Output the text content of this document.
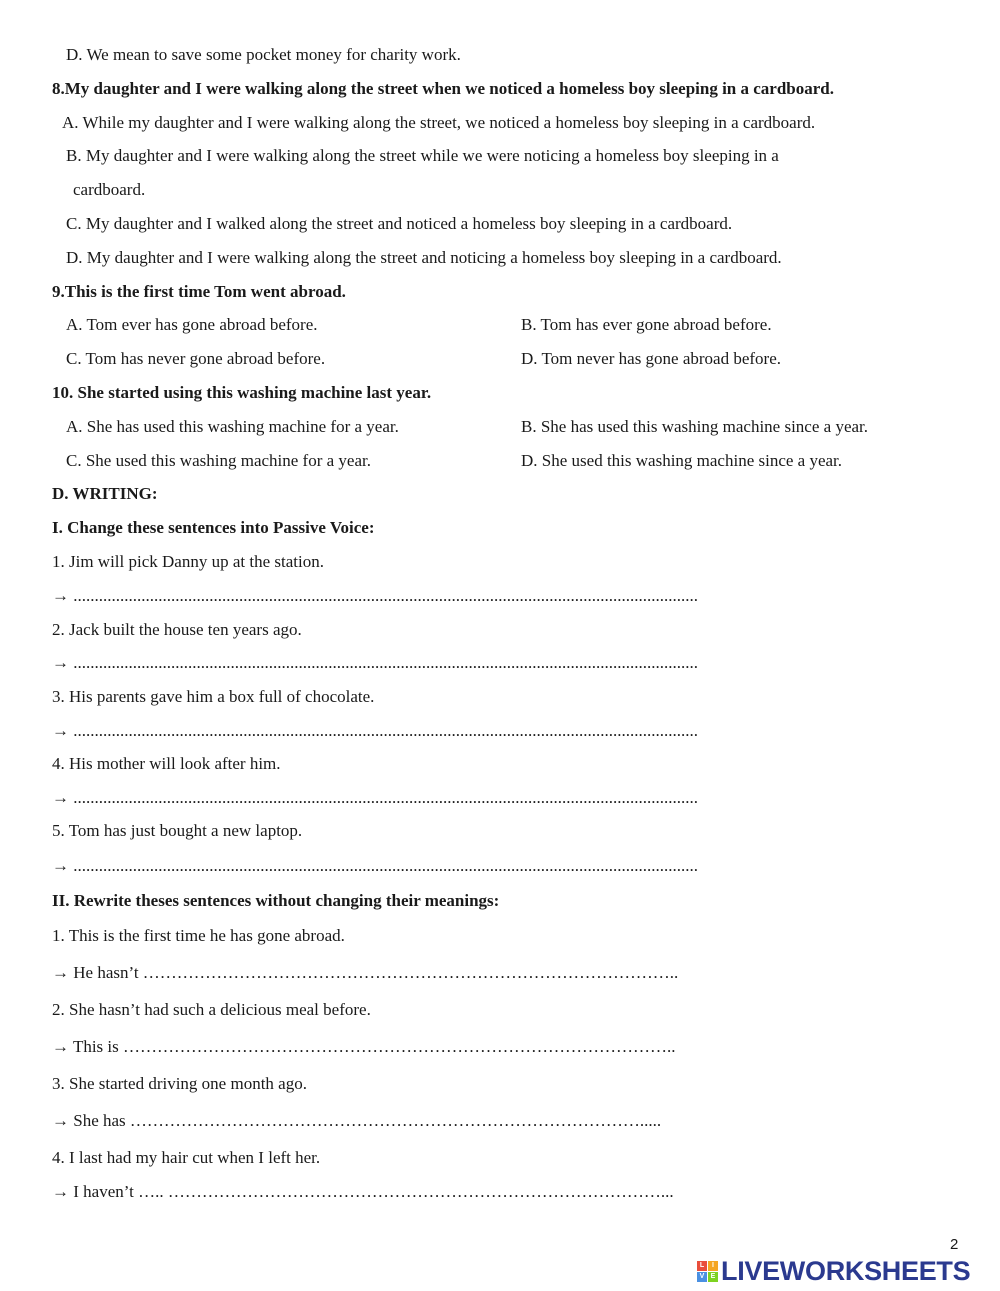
D. We mean to save some pocket money for charity work.
8.My daughter and I were walking along the street when we noticed a homeless boy sleeping in a cardboard.
A. While my daughter and I were walking along the street, we noticed a homeless boy sleeping in a cardboard.
B. My daughter and I were walking along the street while we were noticing a homeless boy sleeping in a
cardboard.
C. My daughter and I walked along the street and noticed a homeless boy sleeping in a cardboard.
D. My daughter and I were walking along the street and noticing a homeless boy sleeping in a cardboard.
9.This is the first time Tom went abroad.
A. Tom ever has gone abroad before.	B. Tom has ever gone abroad before.
C. Tom has never gone abroad before.	D. Tom never has gone abroad before.
10. She started using this washing machine last year.
A. She has used this washing machine for a year.	B. She has used this washing machine since a year.
C. She used this washing machine for a year.	D. She used this washing machine since a year.
D. WRITING:
I. Change these sentences into Passive Voice:
1. Jim will pick Danny up at the station.
→ ...................................................................................................................................................
2. Jack built the house ten years ago.
→ ...................................................................................................................................................
3. His parents gave him a box full of chocolate.
→ ...................................................................................................................................................
4. His mother will look after him.
→ ...................................................................................................................................................
5. Tom has just bought a new laptop.
→ ...................................................................................................................................................
II. Rewrite theses sentences without changing their meanings:
1. This is the first time he has gone abroad.
→ He hasn’t …………………………………………………………………………………..
2. She hasn’t had such a delicious meal before.
→ This is ……………………………………………………………………………………..
3. She started driving one month ago.
→ She has ……………………………………………………………………………….....
4. I last had my hair cut when I left her.
→ I haven’t ….. ……………………………………………………………………………...
2
L	I
V E LIVEWORKSHEETS
